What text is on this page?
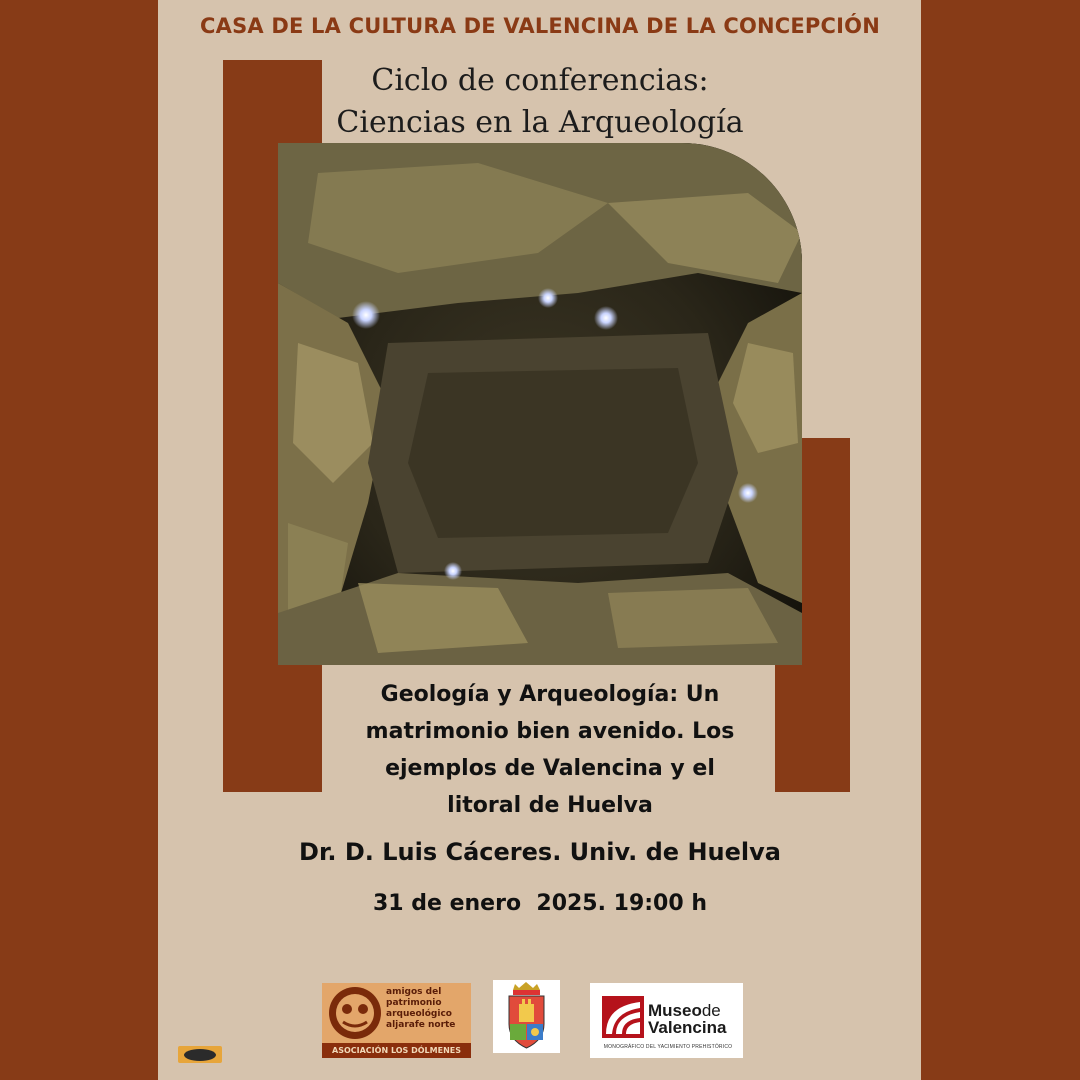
CASA DE LA CULTURA DE VALENCINA DE LA CONCEPCIÓN
Ciclo de conferencias:
Ciencias en la Arqueología
Geología y Arqueología: Un
matrimonio bien avenido. Los
ejemplos de Valencina y el
litoral de Huelva
Dr. D. Luis Cáceres. Univ. de Huelva
31 de enero  2025. 19:00 h
amigos del
patrimonio
arqueológico
aljarafe norte
ASOCIACIÓN LOS DÓLMENES
Museode
Valencina
MONOGRÁFICO DEL YACIMIENTO PREHISTÓRICO
